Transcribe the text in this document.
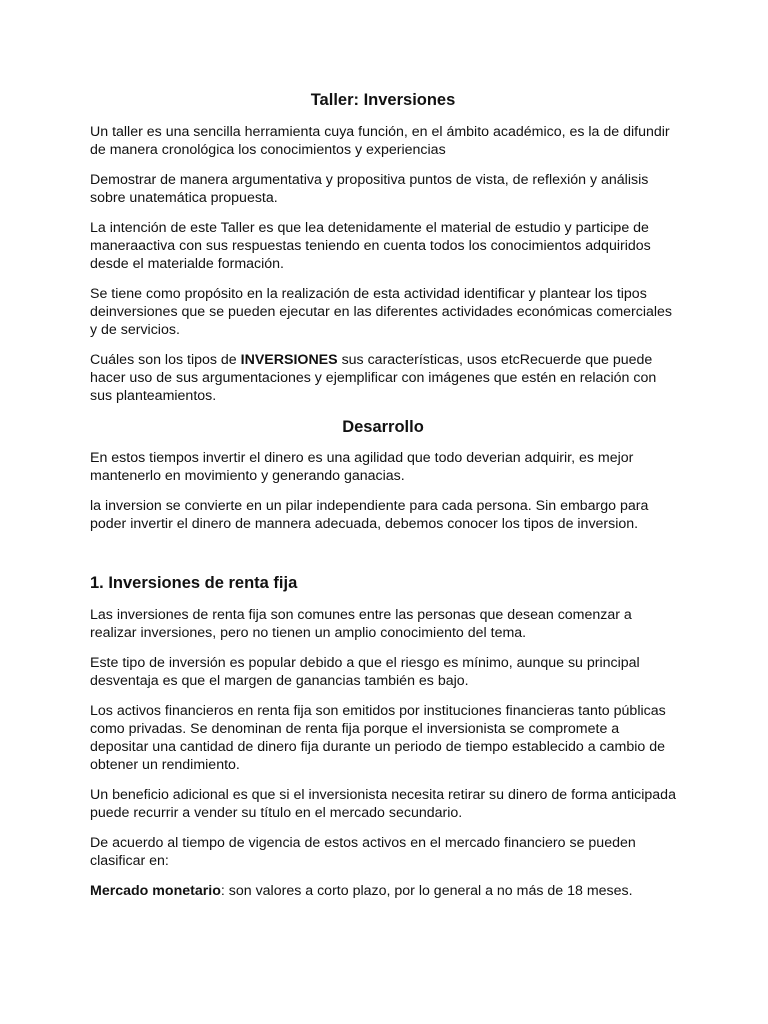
Taller: Inversiones

Un taller es una sencilla herramienta cuya función, en el ámbito académico, es la de difundir de manera cronológica los conocimientos y experiencias

Demostrar de manera argumentativa y propositiva puntos de vista, de reflexión y análisis sobre unatemática propuesta.

La intención de este Taller es que lea detenidamente el material de estudio y participe de maneraactiva con sus respuestas teniendo en cuenta todos los conocimientos adquiridos desde el materialde formación.

Se tiene como propósito en la realización de esta actividad identificar y plantear los tipos deinversiones que se pueden ejecutar en las diferentes actividades económicas comerciales y de servicios.

Cuáles son los tipos de INVERSIONES sus características, usos etcRecuerde que puede hacer uso de sus argumentaciones y ejemplificar con imágenes que estén en relación con sus planteamientos.

Desarrollo

En estos tiempos invertir el dinero es una agilidad que todo deverian adquirir, es mejor mantenerlo en movimiento y generando ganacias.

la inversion se convierte en un pilar independiente para cada persona. Sin embargo para poder invertir el dinero de mannera adecuada, debemos conocer los tipos de inversion.

1. Inversiones de renta fija

Las inversiones de renta fija son comunes entre las personas que desean comenzar a realizar inversiones, pero no tienen un amplio conocimiento del tema.

Este tipo de inversión es popular debido a que el riesgo es mínimo, aunque su principal desventaja es que el margen de ganancias también es bajo.

Los activos financieros en renta fija son emitidos por instituciones financieras tanto públicas como privadas. Se denominan de renta fija porque el inversionista se compromete a depositar una cantidad de dinero fija durante un periodo de tiempo establecido a cambio de obtener un rendimiento.

Un beneficio adicional es que si el inversionista necesita retirar su dinero de forma anticipada puede recurrir a vender su título en el mercado secundario.

De acuerdo al tiempo de vigencia de estos activos en el mercado financiero se pueden clasificar en:

Mercado monetario: son valores a corto plazo, por lo general a no más de 18 meses.
